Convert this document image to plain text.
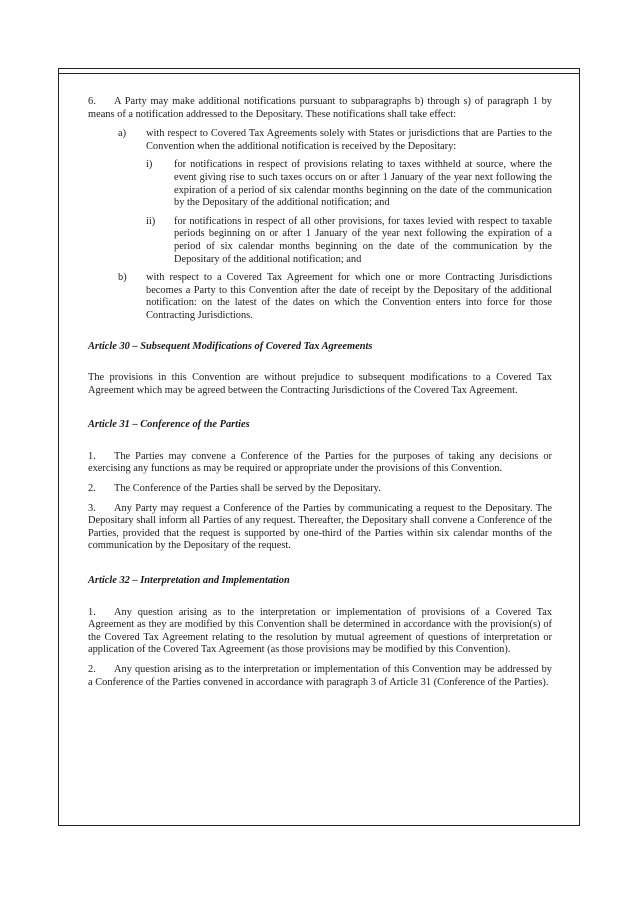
6. A Party may make additional notifications pursuant to subparagraphs b) through s) of paragraph 1 by means of a notification addressed to the Depositary. These notifications shall take effect:

a)	with respect to Covered Tax Agreements solely with States or jurisdictions that are Parties to the Convention when the additional notification is received by the Depositary:
i)	for notifications in respect of provisions relating to taxes withheld at source, where the event giving rise to such taxes occurs on or after 1 January of the year next following the expiration of a period of six calendar months beginning on the date of the communication by the Depositary of the additional notification; and
ii)	for notifications in respect of all other provisions, for taxes levied with respect to taxable periods beginning on or after 1 January of the year next following the expiration of a period of six calendar months beginning on the date of the communication by the Depositary of the additional notification; and
b)	with respect to a Covered Tax Agreement for which one or more Contracting Jurisdictions becomes a Party to this Convention after the date of receipt by the Depositary of the additional notification: on the latest of the dates on which the Convention enters into force for those Contracting Jurisdictions.

Article 30 – Subsequent Modifications of Covered Tax Agreements

The provisions in this Convention are without prejudice to subsequent modifications to a Covered Tax Agreement which may be agreed between the Contracting Jurisdictions of the Covered Tax Agreement.

Article 31 – Conference of the Parties

1. The Parties may convene a Conference of the Parties for the purposes of taking any decisions or exercising any functions as may be required or appropriate under the provisions of this Convention.

2. The Conference of the Parties shall be served by the Depositary.

3. Any Party may request a Conference of the Parties by communicating a request to the Depositary. The Depositary shall inform all Parties of any request. Thereafter, the Depositary shall convene a Conference of the Parties, provided that the request is supported by one-third of the Parties within six calendar months of the communication by the Depositary of the request.

Article 32 – Interpretation and Implementation

1. Any question arising as to the interpretation or implementation of provisions of a Covered Tax Agreement as they are modified by this Convention shall be determined in accordance with the provision(s) of the Covered Tax Agreement relating to the resolution by mutual agreement of questions of interpretation or application of the Covered Tax Agreement (as those provisions may be modified by this Convention).

2. Any question arising as to the interpretation or implementation of this Convention may be addressed by a Conference of the Parties convened in accordance with paragraph 3 of Article 31 (Conference of the Parties).
